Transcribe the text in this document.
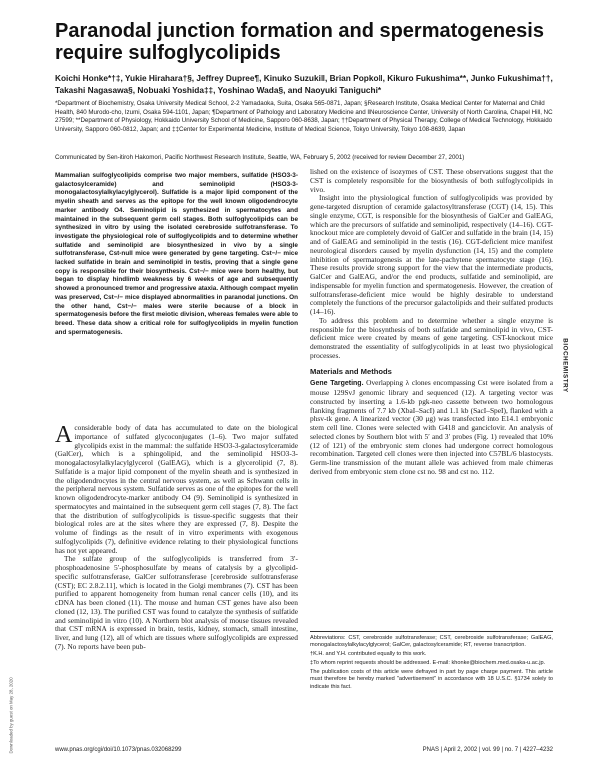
Paranodal junction formation and spermatogenesis require sulfoglycolipids
Koichi Honke*†‡, Yukie Hirahara†§, Jeffrey Dupree¶, Kinuko Suzuki‖, Brian Popko‖, Kikuro Fukushima**, Junko Fukushima††, Takashi Nagasawa§, Nobuaki Yoshida‡‡, Yoshinao Wada§, and Naoyuki Taniguchi*
*Department of Biochemistry, Osaka University Medical School, 2-2 Yamadaoka, Suita, Osaka 565-0871, Japan; §Research Institute, Osaka Medical Center for Maternal and Child Health, 840 Murodo-cho, Izumi, Osaka 594-1101, Japan; ¶Department of Pathology and Laboratory Medicine and ‖Neuroscience Center, University of North Carolina, Chapel Hill, NC 27599; **Department of Physiology, Hokkaido University School of Medicine, Sapporo 060-8638, Japan; ††Department of Physical Therapy, College of Medical Technology, Hokkaido University, Sapporo 060-0812, Japan; and ‡‡Center for Experimental Medicine, Institute of Medical Science, Tokyo University, Tokyo 108-8639, Japan
Communicated by Sen-itiroh Hakomori, Pacific Northwest Research Institute, Seattle, WA, February 5, 2002 (received for review December 27, 2001)

Mammalian sulfoglycolipids comprise two major members, sulfatide (HSO3-3-galactosylceramide) and seminolipid (HSO3-3-monogalactosylalkylacylglycerol). Sulfatide is a major lipid component of the myelin sheath and serves as the epitope for the well known oligodendrocyte marker antibody O4. Seminolipid is synthesized in spermatocytes and maintained in the subsequent germ cell stages. Both sulfoglycolipids can be synthesized in vitro by using the isolated cerebroside sulfotransferase. To investigate the physiological role of sulfoglycolipids and to determine whether sulfatide and seminolipid are biosynthesized in vivo by a single sulfotransferase, Cst-null mice were generated by gene targeting. Cst−/− mice lacked sulfatide in brain and seminolipid in testis, proving that a single gene copy is responsible for their biosynthesis. Cst−/− mice were born healthy, but began to display hindlimb weakness by 6 weeks of age and subsequently showed a pronounced tremor and progressive ataxia. Although compact myelin was preserved, Cst−/− mice displayed abnormalities in paranodal junctions. On the other hand, Cst−/− males were sterile because of a block in spermatogenesis before the first meiotic division, whereas females were able to breed. These data show a critical role for sulfoglycolipids in myelin function and spermatogenesis.

Aconsiderable body of data has accumulated to date on the biological importance of sulfated glycoconjugates (1–6). Two major sulfated glycolipids exist in the mammal: the sulfatide HSO3-3-galactosylceramide (GalCer), which is a sphingolipid, and the seminolipid HSO3-3-monogalactosylalkylacylglycerol (GalEAG), which is a glycerolipid (7, 8). Sulfatide is a major lipid component of the myelin sheath and is synthesized in the oligodendrocytes in the central nervous system, as well as Schwann cells in the peripheral nervous system. Sulfatide serves as one of the epitopes for the well known oligodendrocyte-marker antibody O4 (9). Seminolipid is synthesized in spermatocytes and maintained in the subsequent germ cell stages (7, 8). The fact that the distribution of sulfoglycolipids is tissue-specific suggests that their biological roles are at the sites where they are expressed (7, 8). Despite the volume of findings as the result of in vitro experiments with exogenous sulfoglycolipids (7), definitive evidence relating to their physiological functions has not yet appeared.

The sulfate group of the sulfoglycolipids is transferred from 3′-phosphoadenosine 5′-phosphosulfate by means of catalysis by a glycolipid-specific sulfotransferase, GalCer sulfotransferase [cerebroside sulfotransferase (CST); EC 2.8.2.11], which is located in the Golgi membranes (7). CST has been purified to apparent homogeneity from human renal cancer cells (10), and its cDNA has been cloned (11). The mouse and human CST genes have also been cloned (12, 13). The purified CST was found to catalyze the synthesis of sulfatide and seminolipid in vitro (10). A Northern blot analysis of mouse tissues revealed that CST mRNA is expressed in brain, testis, kidney, stomach, small intestine, liver, and lung (12), all of which are tissues where sulfoglycolipids are expressed (7). No reports have been pub-

lished on the existence of isozymes of CST. These observations suggest that the CST is completely responsible for the biosynthesis of both sulfoglycolipids in vivo.

Insight into the physiological function of sulfoglycolipids was provided by gene-targeted disruption of ceramide galactosyltransferase (CGT) (14, 15). This single enzyme, CGT, is responsible for the biosynthesis of GalCer and GalEAG, which are the precursors of sulfatide and seminolipid, respectively (14–16). CGT-knockout mice are completely devoid of GalCer and sulfatide in the brain (14, 15) and of GalEAG and seminolipid in the testis (16). CGT-deficient mice manifest neurological disorders caused by myelin dysfunction (14, 15) and the complete inhibition of spermatogenesis at the late-pachytene spermatocyte stage (16). These results provide strong support for the view that the intermediate products, GalCer and GalEAG, and/or the end products, sulfatide and seminolipid, are indispensable for myelin function and spermatogenesis. However, the creation of sulfotransferase-deficient mice would be highly desirable to understand completely the functions of the precursor galactolipids and their sulfated products (14–16).

To address this problem and to determine whether a single enzyme is responsible for the biosynthesis of both sulfatide and seminolipid in vivo, CST-deficient mice were created by means of gene targeting. CST-knockout mice demonstrated the essentiality of sulfoglycolipids in at least two physiological processes.

Materials and Methods

Gene Targeting. Overlapping λ clones encompassing Cst were isolated from a mouse 129SvJ genomic library and sequenced (12). A targeting vector was constructed by inserting a 1.6-kb pgk-neo cassette between two homologous flanking fragments of 7.7 kb (XbaI–SacI) and 1.1 kb (SacI–SpeI), flanked with a phsv-tk gene. A linearized vector (30 μg) was transfected into E14.1 embryonic stem cell line. Clones were selected with G418 and ganciclovir. An analysis of selected clones by Southern blot with 5′ and 3′ probes (Fig. 1) revealed that 10% (12 of 121) of the embryonic stem clones had undergone correct homologous recombination. Targeted cell clones were then injected into C57BL/6 blastocysts. Germ-line transmission of the mutant allele was achieved from male chimeras derived from embryonic stem clone cst no. 98 and cst no. 112.

Abbreviations: CST, cerebroside sulfotransferase; CST, cerebroside sulfotransferase; GalEAG, monogalactosylalkylacylglycerol; GalCer, galactosylceramide; RT, reverse transcription.

†K.H. and Y.H. contributed equally to this work.

‡To whom reprint requests should be addressed. E-mail: khonke@biochem.med.osaka-u.ac.jp.

The publication costs of this article were defrayed in part by page charge payment. This article must therefore be hereby marked "advertisement" in accordance with 18 U.S.C. §1734 solely to indicate this fact.

BIOCHEMISTRY
Downloaded by guest on May 28, 2020	www.pnas.org/cgi/doi/10.1073/pnas.032068299	PNAS | April 2, 2002 | vol. 99 | no. 7 | 4227–4232
